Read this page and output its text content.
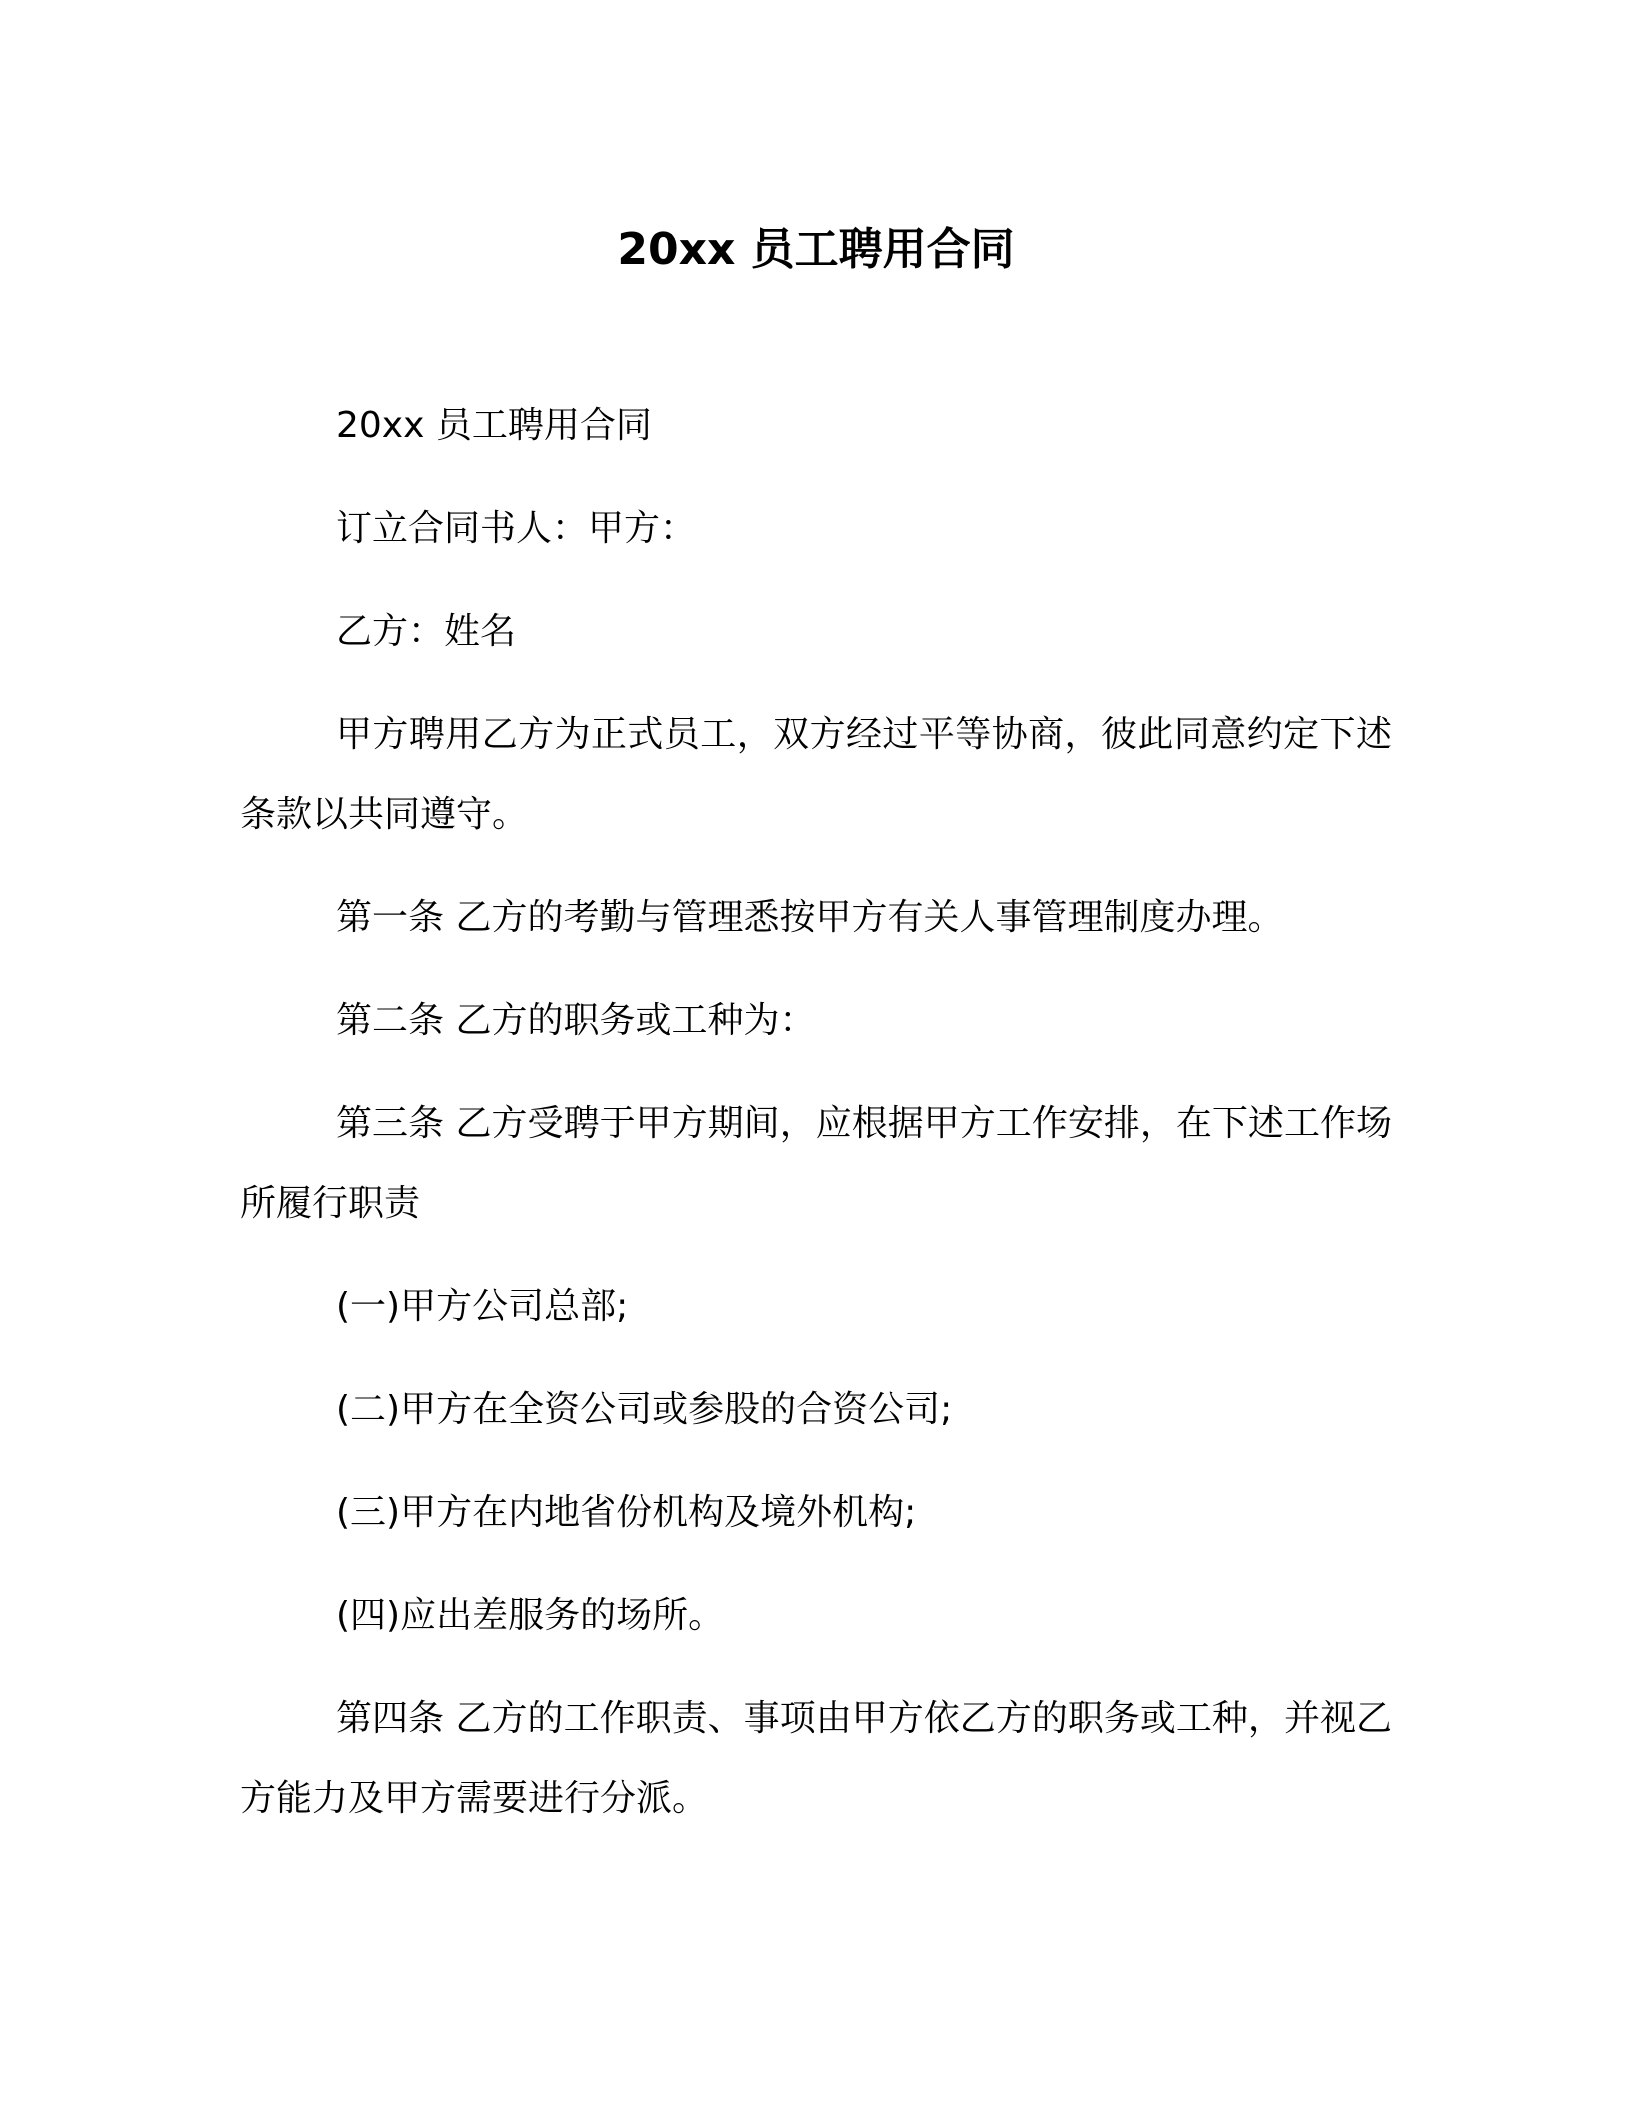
20xx 员工聘用合同

20xx 员工聘用合同

订立合同书人：甲方：

乙方：姓名

甲方聘用乙方为正式员工，双方经过平等协商，彼此同意约定下述条款以共同遵守。

第一条 乙方的考勤与管理悉按甲方有关人事管理制度办理。

第二条 乙方的职务或工种为：

第三条 乙方受聘于甲方期间，应根据甲方工作安排，在下述工作场所履行职责

(一)甲方公司总部;

(二)甲方在全资公司或参股的合资公司;

(三)甲方在内地省份机构及境外机构;

(四)应出差服务的场所。

第四条 乙方的工作职责、事项由甲方依乙方的职务或工种，并视乙方能力及甲方需要进行分派。
